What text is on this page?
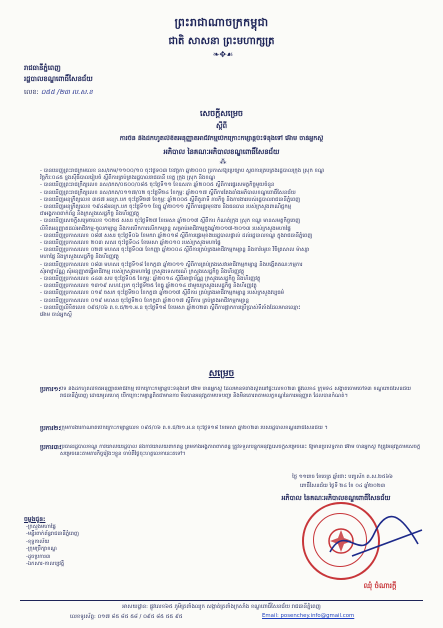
ព្រះរាជាណាចក្រកម្ពុជា
ជាតិ សាសនា ព្រះមហាក្សត្រ
❧✥☙
រាជធានីភ្នំពេញ
រដ្ឋបាលខណ្ឌពោធិ៍សែនជ័យ
លេខ: ០៥៥ /២៣ ល.ស.ខ
សេចក្តីសម្រេច
ស្តីពី
ការចិន និងដកហូតលិខិតអនុញ្ញាតអាជីវកម្មបើកក្រោះកម្សាន្តប៉ះទីនុងទៅ អ៊ោម ចាន់អ្នកស្ថិ
អភិបាល នៃគណៈអភិបាលខណ្ឌពោធិ៍សែនជ័យ
⁂

- បានឃើញព្រះរាជក្រមលេខ នស/រកម/១១០០/១០ ចុះថ្ងៃទី០៣ ខែវិច្ឆិកា ឆ្នាំ២០០០ ប្រកាសឱ្យប្រើច្បាប់ ស្តីពីការគ្រប់គ្រងរដ្ឋបាលក្រុង ស្រុក ខណ្ឌ

វិច្ឆកិរៈ០៤៥ ខ្នងស៊ីធីបាលរៀបចំ ស្តីពីការគ្រប់គ្រងរដ្ឋបាលរាជធានី ខេត្ត ក្រុង ស្រុក និងខណ្ឌ

- បានឃើញព្រះរាជក្រឹត្យលេខ នស/រកត/០៥០០/០៨៥ ចុះថ្ងៃទី១១ ខែឧសភា ឆ្នាំ២០០៥ ស្តីពីការផ្ទេរសមត្ថកិច្ចមួយចំនួន

- បានឃើញព្រះរាជក្រឹត្យលេខ នស/រកត/០១១៧/០២ ចុះថ្ងៃទី២៤ ខែកុម្ភៈ ឆ្នាំ២០១៧ ស្តីពីការតែងតាំងអភិបាលខណ្ឌពោធិ៍សែនជ័យ

- បានឃើញអនុក្រឹត្យលេខ ៣៥៧ អនក្រ.បក ចុះថ្ងៃទី២៧ ខែកុម្ភៈ ឆ្នាំ២០០៥ ស្តីពីតួនាទី ភារកិច្ច និងការងាររបស់រដ្ឋបាលរាជធានីភ្នំពេញ

- បានឃើញអនុក្រឹត្យលេខ ១៩៤៨អនក្រ.បក ចុះថ្ងៃទី១១ ខែធ្នូ ឆ្នាំ២០១១ ស្តីពីការផ្ទេរមុខងារ និងធនធាន របស់ក្រសួងពាណិជ្ជកម្ម

ជាអង្គភាពពាក់ព័ន្ធ និងក្រសួងសេដ្ឋកិច្ច និងហិរញ្ញវត្ថុ

- បានឃើញសេចក្តីសម្រេចលេខ ១០២៥ សសរ ចុះថ្ងៃទី២៧ ខែមេសា ឆ្នាំ២០១៧ ស្តីពីការ កំណត់ក្រុង ស្រុក ខណ្ឌ មានសមត្ថកិច្ចចេញ

លិខិតអនុញ្ញាតដល់អាជីវកម្ម-ចូលកម្សាន្ត និងការបើកការលើកកម្សាន្ត សម្រាប់អាជីវកម្មក្នុងឆ្នាំ២០១៧-២០១៣ របស់ក្រសួងមហាផ្ទៃ

- បានឃើញប្រកាសលេខ ០៨៧ សសរ ចុះថ្ងៃទី០៦ ខែមករា ឆ្នាំ២០១៨ ស្តីពីការផ្ទេរមុខងាររដ្ឋបាលផ្ទាល់ ដល់រដ្ឋបាលខណ្ឌ ក្នុងរាជធានីភ្នំពេញ

- បានឃើញប្រកាសលេខ ២០៣ សសរ ចុះថ្ងៃទី០៤ ខែមេសា ឆ្នាំ២០១០ របស់ក្រសួងមហាផ្ទៃ

- បានឃើញប្រកាសលេខ ០២៧ មហសរ ចុះថ្ងៃទី០៣ ខែកញ្ញា ឆ្នាំ២០០៤ ស្តីពីការគ្រប់គ្រងអាជីវកម្មកម្សាន្ត និងខារ៉ាអូខេ វិចិត្រសាល ម៉ាស្សា

មហាផ្ទៃ និងក្រសួងសេដ្ឋកិច្ច និងហិរញ្ញវត្ថុ

- បានឃើញប្រកាសលេខ ០៨៣ មហសរ ចុះថ្ងៃទី១៨ ខែកក្កដា ឆ្នាំ២០១១ ស្តីពីការគ្រប់គ្រងសេវាអាជីវកម្មកម្សាន្ត និងបង្កើតគណៈកម្មការ

សុំអាជ្ញាប័ណ្ណ សុំអនុញ្ញាតធ្វើអាជីវកម្ម របស់ក្រសួងមហាផ្ទៃ ក្រសួងទេសចរណ៍ ក្រសួងសេដ្ឋកិច្ច និងហិរញ្ញវត្ថុ

- បានឃើញប្រកាសលេខ ៤៤៣ សប ចុះថ្ងៃទី០៥ ខែកុម្ភៈ ឆ្នាំ២០១៤ ស្តីពីអាជ្ញាប័ណ្ណ ក្រសួងសេដ្ឋកិច្ច និងហិរញ្ញវត្ថុ

- បានឃើញប្រកាសលេខ ១៣១៩ សហវ.ប្រក ចុះថ្ងៃទី២៥ ខែធ្នូ ឆ្នាំ២០១៤ ជាមួយក្រសួងសេដ្ឋកិច្ច និងហិរញ្ញវត្ថុ

- បានឃើញប្រកាសលេខ ០១៩ ចសក ចុះថ្ងៃទី២០ ខែកក្កដា ឆ្នាំ២០១៧ ស្តីពីការ គ្រប់គ្រងអាជីវកម្មកម្សាន្ត របស់ក្រសួងវប្បធម៌

- បានឃើញប្រកាសលេខ ០១៩ មហសរ ចុះថ្ងៃទី២០ ខែកក្កដា ឆ្នាំ២០១៧ ស្តីពីការ គ្រប់គ្រងអាជីវកម្មកម្សាន្ត

- បានឃើញលិខិតលេខ ០៩៥/០៦ ព.ខ.ជ/២១.អ.ន ចុះថ្ងៃទី១៨ ខែមេសា ឆ្នាំ២០២៣ ស្តីពីការផ្អាកការប្រើប្រាស់ទីតាំងដែលមានឈ្មោះ

អ៊ោម ចាន់អ្នកស្ថិ

សម្រេច
ប្រការ១: បិទ និងដកហូតលិខិតអនុញ្ញាតអាជីវកម្ម បើកក្រោះកម្សាន្តប៉ះទីនុងទៅ អ៊ោម ចាន់អ្នកស្ថិ ដែលមានទីតាំងស្ថិតនៅផ្ទះលេខ០២៣ ផ្លូវលេខ៤ ក្រុមទី៤ សង្កាត់ចោមចៅទី៣ ខណ្ឌពោធិ៍សែនជ័យ រាជធានីភ្នំពេញ ដោយមូលហេតុ បើកក្រោះកម្សាន្តពិតជាមានការ មិនបានអនុវត្តតាមបទបញ្ជា និងមិនគោរពតាមលក្ខខណ្ឌនៃការអនុញ្ញាត ដែលបានកំណត់។
ប្រការ២: ក្រុមការងារកាំណាត់បើកក្រោះកម្សាន្តលេខ ០៩៥/០៦ ព.ខ.ជ/២១.អ.ន ចុះថ្ងៃទី១៨ ខែមេសា ឆ្នាំ២០២៣ របស់រដ្ឋបាលខណ្ឌពោធិ៍សែនជ័យ ។
ប្រការ៣:
ប្រធានរដ្ឋបាលខណ្ឌ ការិយាល័យរដ្ឋបាល និងការិយាល័យពាក់ព័ន្ធ ព្រមទាំងអង្គភាពពាក់ព័ន្ធ ត្រូវទទួលបន្ទុកអនុវត្តសេចក្តីសម្រេចនេះ ឱ្យមានប្រសិទ្ធភាព អ៊ោម ចាន់អ្នកស្ថិ ក៏ត្រូវអនុវត្តតាមសេចក្តីសម្រេចនេះតាមភារកិច្ចរៀងៗខ្លួន ចាប់ពីថ្ងៃចុះហត្ថលេខានេះតទៅ។
ថ្ងៃ ១១រោច ខែចេត្រ ឆ្នាំថោះ បញ្ចស័ក ព.ស.២៥៦៦
ពោធិ៍សែនជ័យ ថ្ងៃទី ២៤ ខែ ០៤ ឆ្នាំ២០២៣
អភិបាល នៃគណៈអភិបាលខណ្ឌពោធិ៍សែនជ័យ
ឈុំ ចំណារក្តី
ចម្លងជូន:
-ក្រសួងមហាផ្ទៃ
-មន្ទីរពាក់ព័ន្ធរាជធានីភ្នំពេញ
-ខុទ្ទកាល័យ
-ក្រុមប្រឹក្សាខណ្ឌ
-ដូចប្រការ៣
-ឯកសារ-កាលប្បវត្តិ
អាសយដ្ឋាន: ផ្លូវលេខ៦៥ ភូមិត្រពាំងឈូក សង្កាត់ត្រពាំងក្រសាំង ខណ្ឌពោធិ៍សែនជ័យ រាជធានីភ្នំពេញ
លេខទូរស័ព្ទ: ០១៧ ៨៥ ៨៥ ៥៨ / ០៩៥ ៨៥ ៥៥ ៩៥	Email: posenchey.info@gmail.com
